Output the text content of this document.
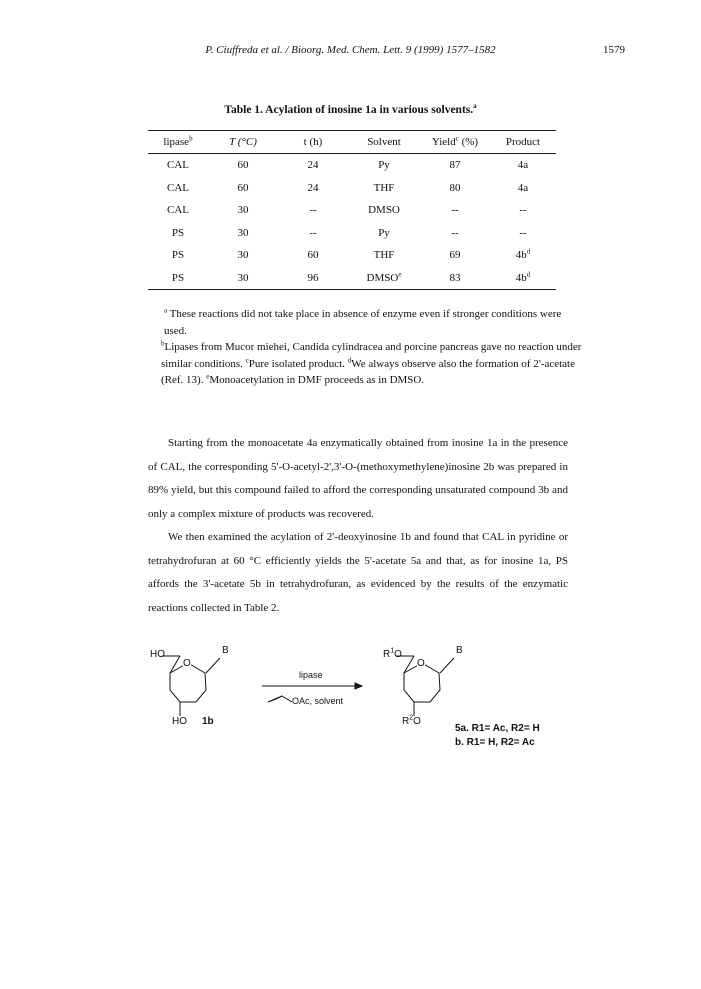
P. Ciuffreda et al. / Bioorg. Med. Chem. Lett. 9 (1999) 1577–1582	1579
Table 1. Acylation of inosine 1a in various solvents.$^a$
lipase$^b$	T (°C)	t (h)	Solvent	Yield$^c$ (%)	Product
CAL	60	24	Py	87	4a
CAL	60	24	THF	80	4a
CAL	30	--	DMSO	--	--
PS	30	--	Py	--	--
PS	30	60	THF	69	$4b^d$
PS	30	96	DMSO$^e$	83	$4b^d$

$^a$ These reactions did not take place in absence of enzyme even if stronger conditions were used.

$^b$Lipases from Mucor miehei, Candida cylindracea and porcine pancreas gave no reaction under similar conditions. $^c$Pure isolated product. $^d$We always observe also the formation of 2'-acetate (Ref. 13). $^e$Monoacetylation in DMF proceeds as in DMSO.

Starting from the monoacetate 4a enzymatically obtained from inosine 1a in the presence of CAL, the corresponding 5'-O-acetyl-2',3'-O-(methoxymethylene)inosine 2b was prepared in 89% yield, but this compound failed to afford the corresponding unsaturated compound 3b and only a complex mixture of products was recovered.

We then examined the acylation of 2'-deoxyinosine 1b and found that CAL in pyridine or tetrahydrofuran at 60 °C efficiently yields the 5'-acetate 5a and that, as for inosine 1a, PS affords the 3'-acetate 5b in tetrahydrofuran, as evidenced by the results of the enzymatic reactions collected in Table 2.

HO
O
B
HO 1b
lipase
OAc, solvent
$R^1O$
O
B
$R^2O$
5a. R1= Ac, R2= H
b. R1= H, R2= Ac
